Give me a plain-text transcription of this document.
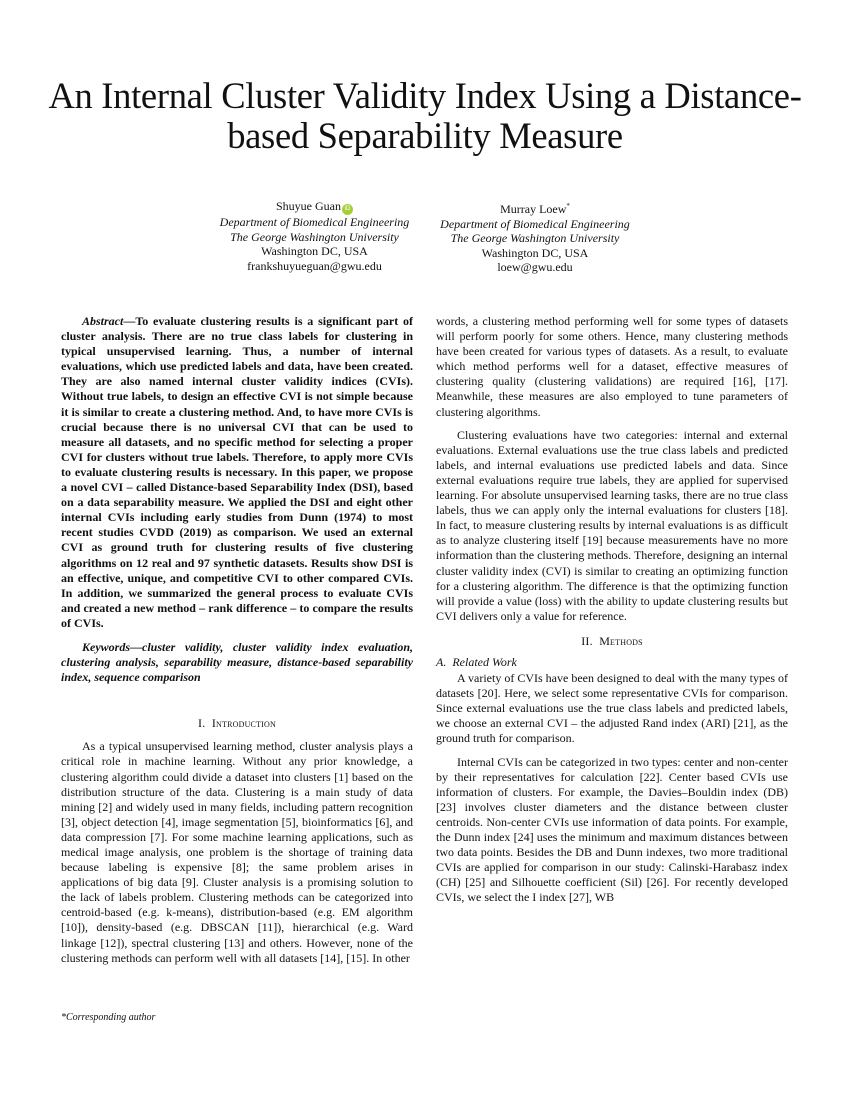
An Internal Cluster Validity Index Using a Distance-based Separability Measure
Shuyue Guan iD
Department of Biomedical Engineering
The George Washington University
Washington DC, USA
frankshuyueguan@gwu.edu
Murray Loew*
Department of Biomedical Engineering
The George Washington University
Washington DC, USA
loew@gwu.edu

Abstract—To evaluate clustering results is a significant part of cluster analysis. There are no true class labels for clustering in typical unsupervised learning. Thus, a number of internal evaluations, which use predicted labels and data, have been created. They are also named internal cluster validity indices (CVIs). Without true labels, to design an effective CVI is not simple because it is similar to create a clustering method. And, to have more CVIs is crucial because there is no universal CVI that can be used to measure all datasets, and no specific method for selecting a proper CVI for clusters without true labels. Therefore, to apply more CVIs to evaluate clustering results is necessary. In this paper, we propose a novel CVI – called Distance-based Separability Index (DSI), based on a data separability measure. We applied the DSI and eight other internal CVIs including early studies from Dunn (1974) to most recent studies CVDD (2019) as comparison. We used an external CVI as ground truth for clustering results of five clustering algorithms on 12 real and 97 synthetic datasets. Results show DSI is an effective, unique, and competitive CVI to other compared CVIs. In addition, we summarized the general process to evaluate CVIs and created a new method – rank difference – to compare the results of CVIs.

Keywords—cluster validity, cluster validity index evaluation, clustering analysis, separability measure, distance-based separability index, sequence comparison

I. Introduction

As a typical unsupervised learning method, cluster analysis plays a critical role in machine learning. Without any prior knowledge, a clustering algorithm could divide a dataset into clusters [1] based on the distribution structure of the data. Clustering is a main study of data mining [2] and widely used in many fields, including pattern recognition [3], object detection [4], image segmentation [5], bioinformatics [6], and data compression [7]. For some machine learning applications, such as medical image analysis, one problem is the shortage of training data because labeling is expensive [8]; the same problem arises in applications of big data [9]. Cluster analysis is a promising solution to the lack of labels problem. Clustering methods can be categorized into centroid-based (e.g. k-means), distribution-based (e.g. EM algorithm [10]), density-based (e.g. DBSCAN [11]), hierarchical (e.g. Ward linkage [12]), spectral clustering [13] and others. However, none of the clustering methods can perform well with all datasets [14], [15]. In other

words, a clustering method performing well for some types of datasets will perform poorly for some others. Hence, many clustering methods have been created for various types of datasets. As a result, to evaluate which method performs well for a dataset, effective measures of clustering quality (clustering validations) are required [16], [17]. Meanwhile, these measures are also employed to tune parameters of clustering algorithms.

Clustering evaluations have two categories: internal and external evaluations. External evaluations use the true class labels and predicted labels, and internal evaluations use predicted labels and data. Since external evaluations require true labels, they are applied for supervised learning. For absolute unsupervised learning tasks, there are no true class labels, thus we can apply only the internal evaluations for clusters [18]. In fact, to measure clustering results by internal evaluations is as difficult as to analyze clustering itself [19] because measurements have no more information than the clustering methods. Therefore, designing an internal cluster validity index (CVI) is similar to creating an optimizing function for a clustering algorithm. The difference is that the optimizing function will provide a value (loss) with the ability to update clustering results but CVI delivers only a value for reference.

II. Methods
A. Related Work

A variety of CVIs have been designed to deal with the many types of datasets [20]. Here, we select some representative CVIs for comparison. Since external evaluations use the true class labels and predicted labels, we choose an external CVI – the adjusted Rand index (ARI) [21], as the ground truth for comparison.

Internal CVIs can be categorized in two types: center and non-center by their representatives for calculation [22]. Center based CVIs use information of clusters. For example, the Davies–Bouldin index (DB) [23] involves cluster diameters and the distance between cluster centroids. Non-center CVIs use information of data points. For example, the Dunn index [24] uses the minimum and maximum distances between two data points. Besides the DB and Dunn indexes, two more traditional CVIs are applied for comparison in our study: Calinski-Harabasz index (CH) [25] and Silhouette coefficient (Sil) [26]. For recently developed CVIs, we select the I index [27], WB

*Corresponding author
